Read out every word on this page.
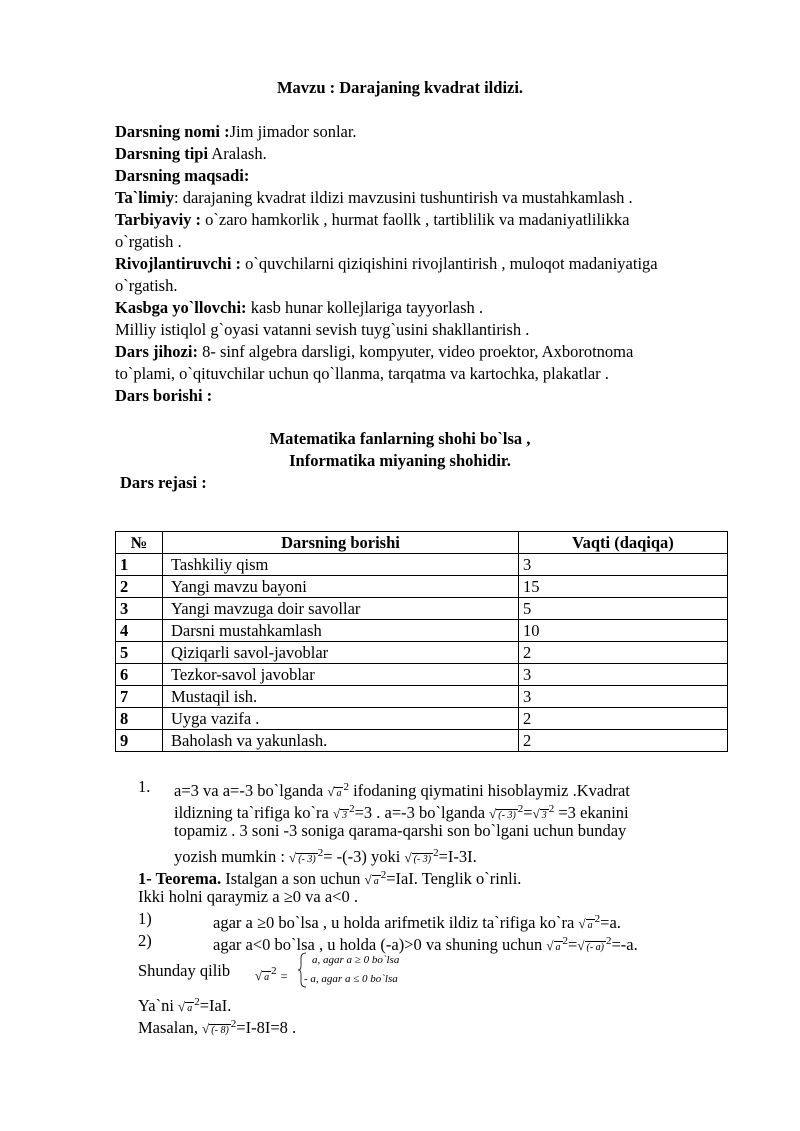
Mavzu : Darajaning kvadrat ildizi.
Darsning nomi :Jim jimador sonlar.
Darsning tipi Aralash.
Darsning maqsadi:
Ta`limiy: darajaning kvadrat ildizi mavzusini tushuntirish va mustahkamlash .
Tarbiyaviy : o`zaro hamkorlik , hurmat faollk , tartiblilik va madaniyatlilikka
o`rgatish .
Rivojlantiruvchi : o`quvchilarni qiziqishini rivojlantirish , muloqot madaniyatiga
o`rgatish.
Kasbga yo`llovchi: kasb hunar kollejlariga tayyorlash .
Milliy istiqlol g`oyasi vatanni sevish tuyg`usini shakllantirish .
Dars jihozi: 8- sinf algebra darsligi, kompyuter, video proektor, Axborotnoma
to`plami, o`qituvchilar uchun qo`llanma, tarqatma va kartochka, plakatlar .
Dars borishi :
Matematika fanlarning shohi bo`lsa ,
Informatika miyaning shohidir.
Dars rejasi :
№	Darsning borishi	Vaqti (daqiqa)
1	Tashkiliy qism	3
2	Yangi mavzu bayoni	15
3	Yangi mavzuga doir savollar	5
4	Darsni mustahkamlash	10
5	Qiziqarli savol-javoblar	2
6	Tezkor-savol javoblar	3
7	Mustaqil ish.	3
8	Uyga vazifa .	2
9	Baholash va yakunlash.	2
1. a=3 va a=-3 bo`lganda √ $a^2$ ifodaning qiymatini hisoblaymiz .Kvadrat
ildizning ta`rifiga ko`ra √ $3^2=3$ . a=-3 bo`lganda √ (- 3)$^2$=√ $3^2 =3$ ekanini
topamiz . 3 soni -3 soniga qarama-qarshi son bo`lgani uchun bunday
yozish mumkin : √ (- 3)$^2$= -(-3) yoki √ (- 3)$^2$=I-3I.
1- Teorema. Istalgan a son uchun √ $a^2=IaI$. Tenglik o`rinli.
Ikki holni qaraymiz a ≥0 va a<0 .
1)	agar a ≥0 bo`lsa , u holda arifmetik ildiz ta`rifiga ko`ra √ $a^2=a$.
2)	agar a<0 bo`lsa , u holda (-a)>0 va shuning uchun √ $a^2=√$ (- a)$^2$=-a.
Shunday qilib √ $a^2$ =
a, agar a ≥ 0 bo`lsa
- a, agar a ≤ 0 bo`lsa
Ya`ni √ $a^2=IaI$.
Masalan, √ (- 8)$^2$=I-8I=8 .
